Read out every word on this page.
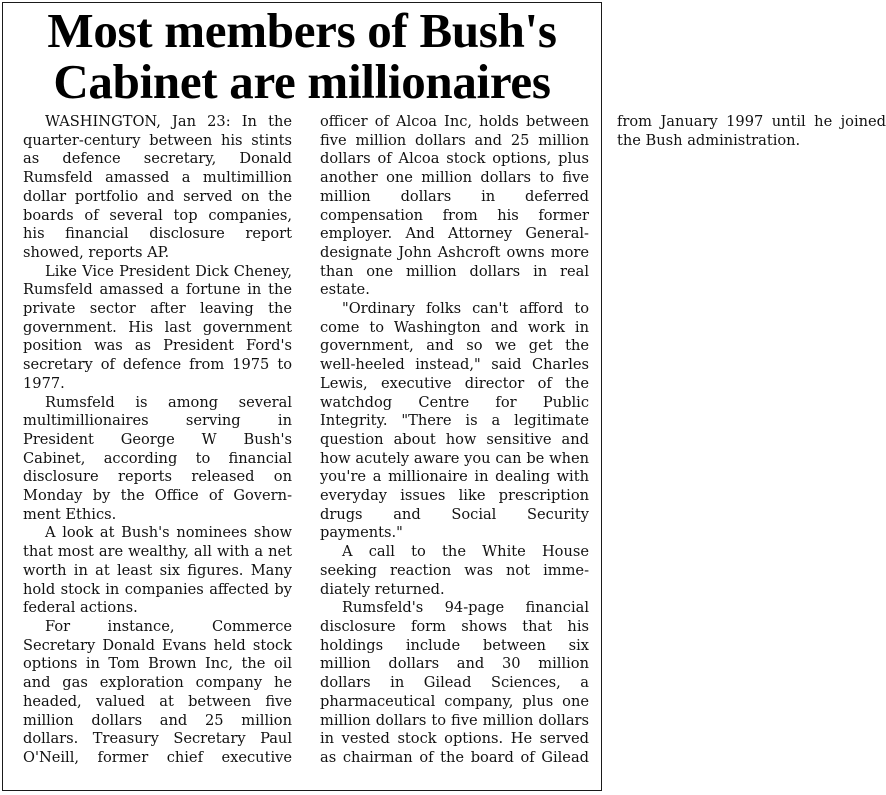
Most members of Bush's
Cabinet are millionaires

WASHINGTON, Jan 23: In the quarter-century between his stints as defence secretary, Donald Rumsfeld amassed a multimillion dollar portfolio and served on the boards of several top companies, his financial disclosure report showed, reports AP.

Like Vice President Dick Cheney, Rumsfeld amassed a fortune in the private sector after leaving the government. His last government position was as President Ford's secretary of defence from 1975 to 1977.

Rumsfeld is among several multimillionaires serving in President George W Bush's Cabinet, according to financial disclosure reports released on Monday by the Office of Government Ethics.

A look at Bush's nominees show that most are wealthy, all with a net worth in at least six figures. Many hold stock in companies affected by federal actions.

For instance, Commerce Secretary Donald Evans held stock options in Tom Brown Inc, the oil and gas exploration company he headed, valued at between five million dollars and 25 million dollars. Treasury Secretary Paul O'Neill, former chief executive officer of Alcoa Inc, holds between five million dollars and 25 million dollars of Alcoa stock options, plus another one million dollars to five million dollars in deferred compensation from his former employer. And Attorney General-designate John Ashcroft owns more than one million dollars in real estate.

"Ordinary folks can't afford to come to Washington and work in government, and so we get the well-heeled instead," said Charles Lewis, executive director of the watchdog Centre for Public Integrity. "There is a legitimate question about how sensitive and how acutely aware you can be when you're a millionaire in dealing with everyday issues like prescription drugs and Social Security payments."

A call to the White House seeking reaction was not immediately returned.

Rumsfeld's 94-page financial disclosure form shows that his holdings include between six million dollars and 30 million dollars in Gilead Sciences, a pharmaceutical company, plus one million dollars to five million dollars in vested stock options. He served as chairman of the board of Gilead from January 1997 until he joined the Bush administration.
